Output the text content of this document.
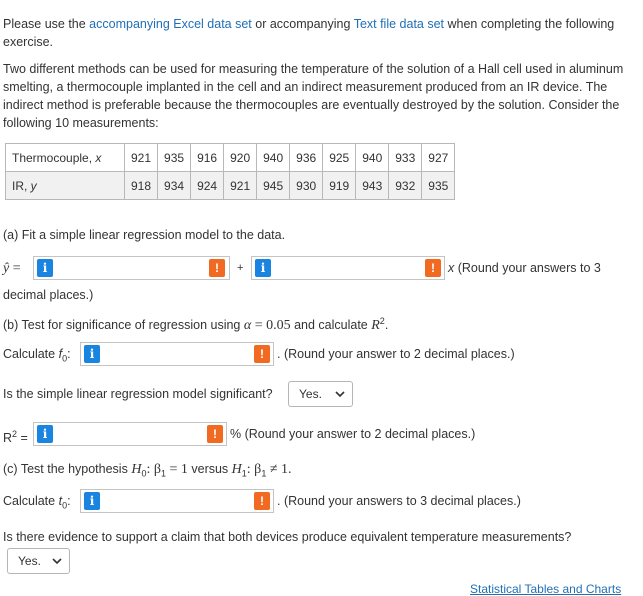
Please use the accompanying Excel data set or accompanying Text file data set when completing the following exercise.
Two different methods can be used for measuring the temperature of the solution of a Hall cell used in aluminum smelting, a thermocouple implanted in the cell and an indirect measurement produced from an IR device. The indirect method is preferable because the thermocouples are eventually destroyed by the solution. Consider the following 10 measurements:
Thermocouple, x	921	935	916	920	940	936	925	940	933	927
IR, y	918	934	924	921	945	930	919	943	932	935
(a) Fit a simple linear regression model to the data.
ŷ =	i	!	+	i	!	x (Round your answers to 3
decimal places.)
(b) Test for significance of regression using α = 0.05 and calculate $R^2$.
Calculate $f_0$:	i	!	. (Round your answer to 2 decimal places.)
Is the simple linear regression model significant?	Yes.
$R^2$ =	i	!	% (Round your answer to 2 decimal places.)
(c) Test the hypothesis $H_0$: $\beta_1 = 1$ versus $H_1$: $\beta_1 \ne 1$.
Calculate $t_0$:	i	!	. (Round your answers to 3 decimal places.)
Is there evidence to support a claim that both devices produce equivalent temperature measurements?
Yes.
Statistical Tables and Charts
